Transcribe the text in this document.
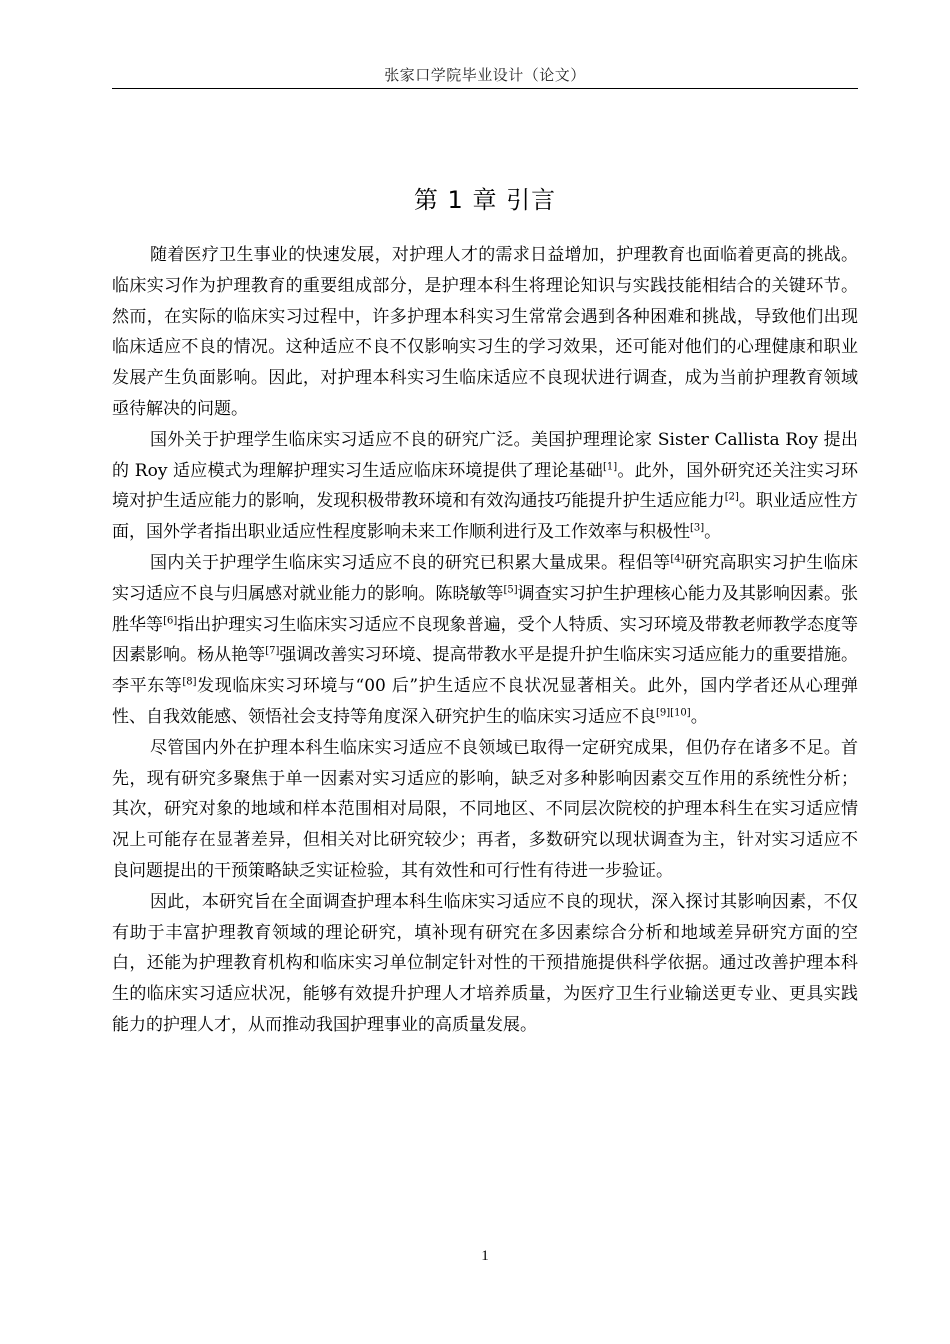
张家口学院毕业设计（论文）
第 1 章 引言

随着医疗卫生事业的快速发展，对护理人才的需求日益增加，护理教育也面临着更高的挑战。临床实习作为护理教育的重要组成部分，是护理本科生将理论知识与实践技能相结合的关键环节。然而，在实际的临床实习过程中，许多护理本科实习生常常会遇到各种困难和挑战，导致他们出现临床适应不良的情况。这种适应不良不仅影响实习生的学习效果，还可能对他们的心理健康和职业发展产生负面影响。因此，对护理本科实习生临床适应不良现状进行调查，成为当前护理教育领域亟待解决的问题。

国外关于护理学生临床实习适应不良的研究广泛。美国护理理论家 Sister Callista Roy 提出的 Roy 适应模式为理解护理实习生适应临床环境提供了理论基础[1]。此外，国外研究还关注实习环境对护生适应能力的影响，发现积极带教环境和有效沟通技巧能提升护生适应能力[2]。职业适应性方面，国外学者指出职业适应性程度影响未来工作顺利进行及工作效率与积极性[3]。

国内关于护理学生临床实习适应不良的研究已积累大量成果。程侣等[4]研究高职实习护生临床实习适应不良与归属感对就业能力的影响。陈晓敏等[5]调查实习护生护理核心能力及其影响因素。张胜华等[6]指出护理实习生临床实习适应不良现象普遍，受个人特质、实习环境及带教老师教学态度等因素影响。杨从艳等[7]强调改善实习环境、提高带教水平是提升护生临床实习适应能力的重要措施。李平东等[8]发现临床实习环境与“00 后”护生适应不良状况显著相关。此外，国内学者还从心理弹性、自我效能感、领悟社会支持等角度深入研究护生的临床实习适应不良[9][10]。

尽管国内外在护理本科生临床实习适应不良领域已取得一定研究成果，但仍存在诸多不足。首先，现有研究多聚焦于单一因素对实习适应的影响，缺乏对多种影响因素交互作用的系统性分析；其次，研究对象的地域和样本范围相对局限，不同地区、不同层次院校的护理本科生在实习适应情况上可能存在显著差异，但相关对比研究较少；再者，多数研究以现状调查为主，针对实习适应不良问题提出的干预策略缺乏实证检验，其有效性和可行性有待进一步验证。

因此，本研究旨在全面调查护理本科生临床实习适应不良的现状，深入探讨其影响因素，不仅有助于丰富护理教育领域的理论研究，填补现有研究在多因素综合分析和地域差异研究方面的空白，还能为护理教育机构和临床实习单位制定针对性的干预措施提供科学依据。通过改善护理本科生的临床实习适应状况，能够有效提升护理人才培养质量，为医疗卫生行业输送更专业、更具实践能力的护理人才，从而推动我国护理事业的高质量发展。

1
